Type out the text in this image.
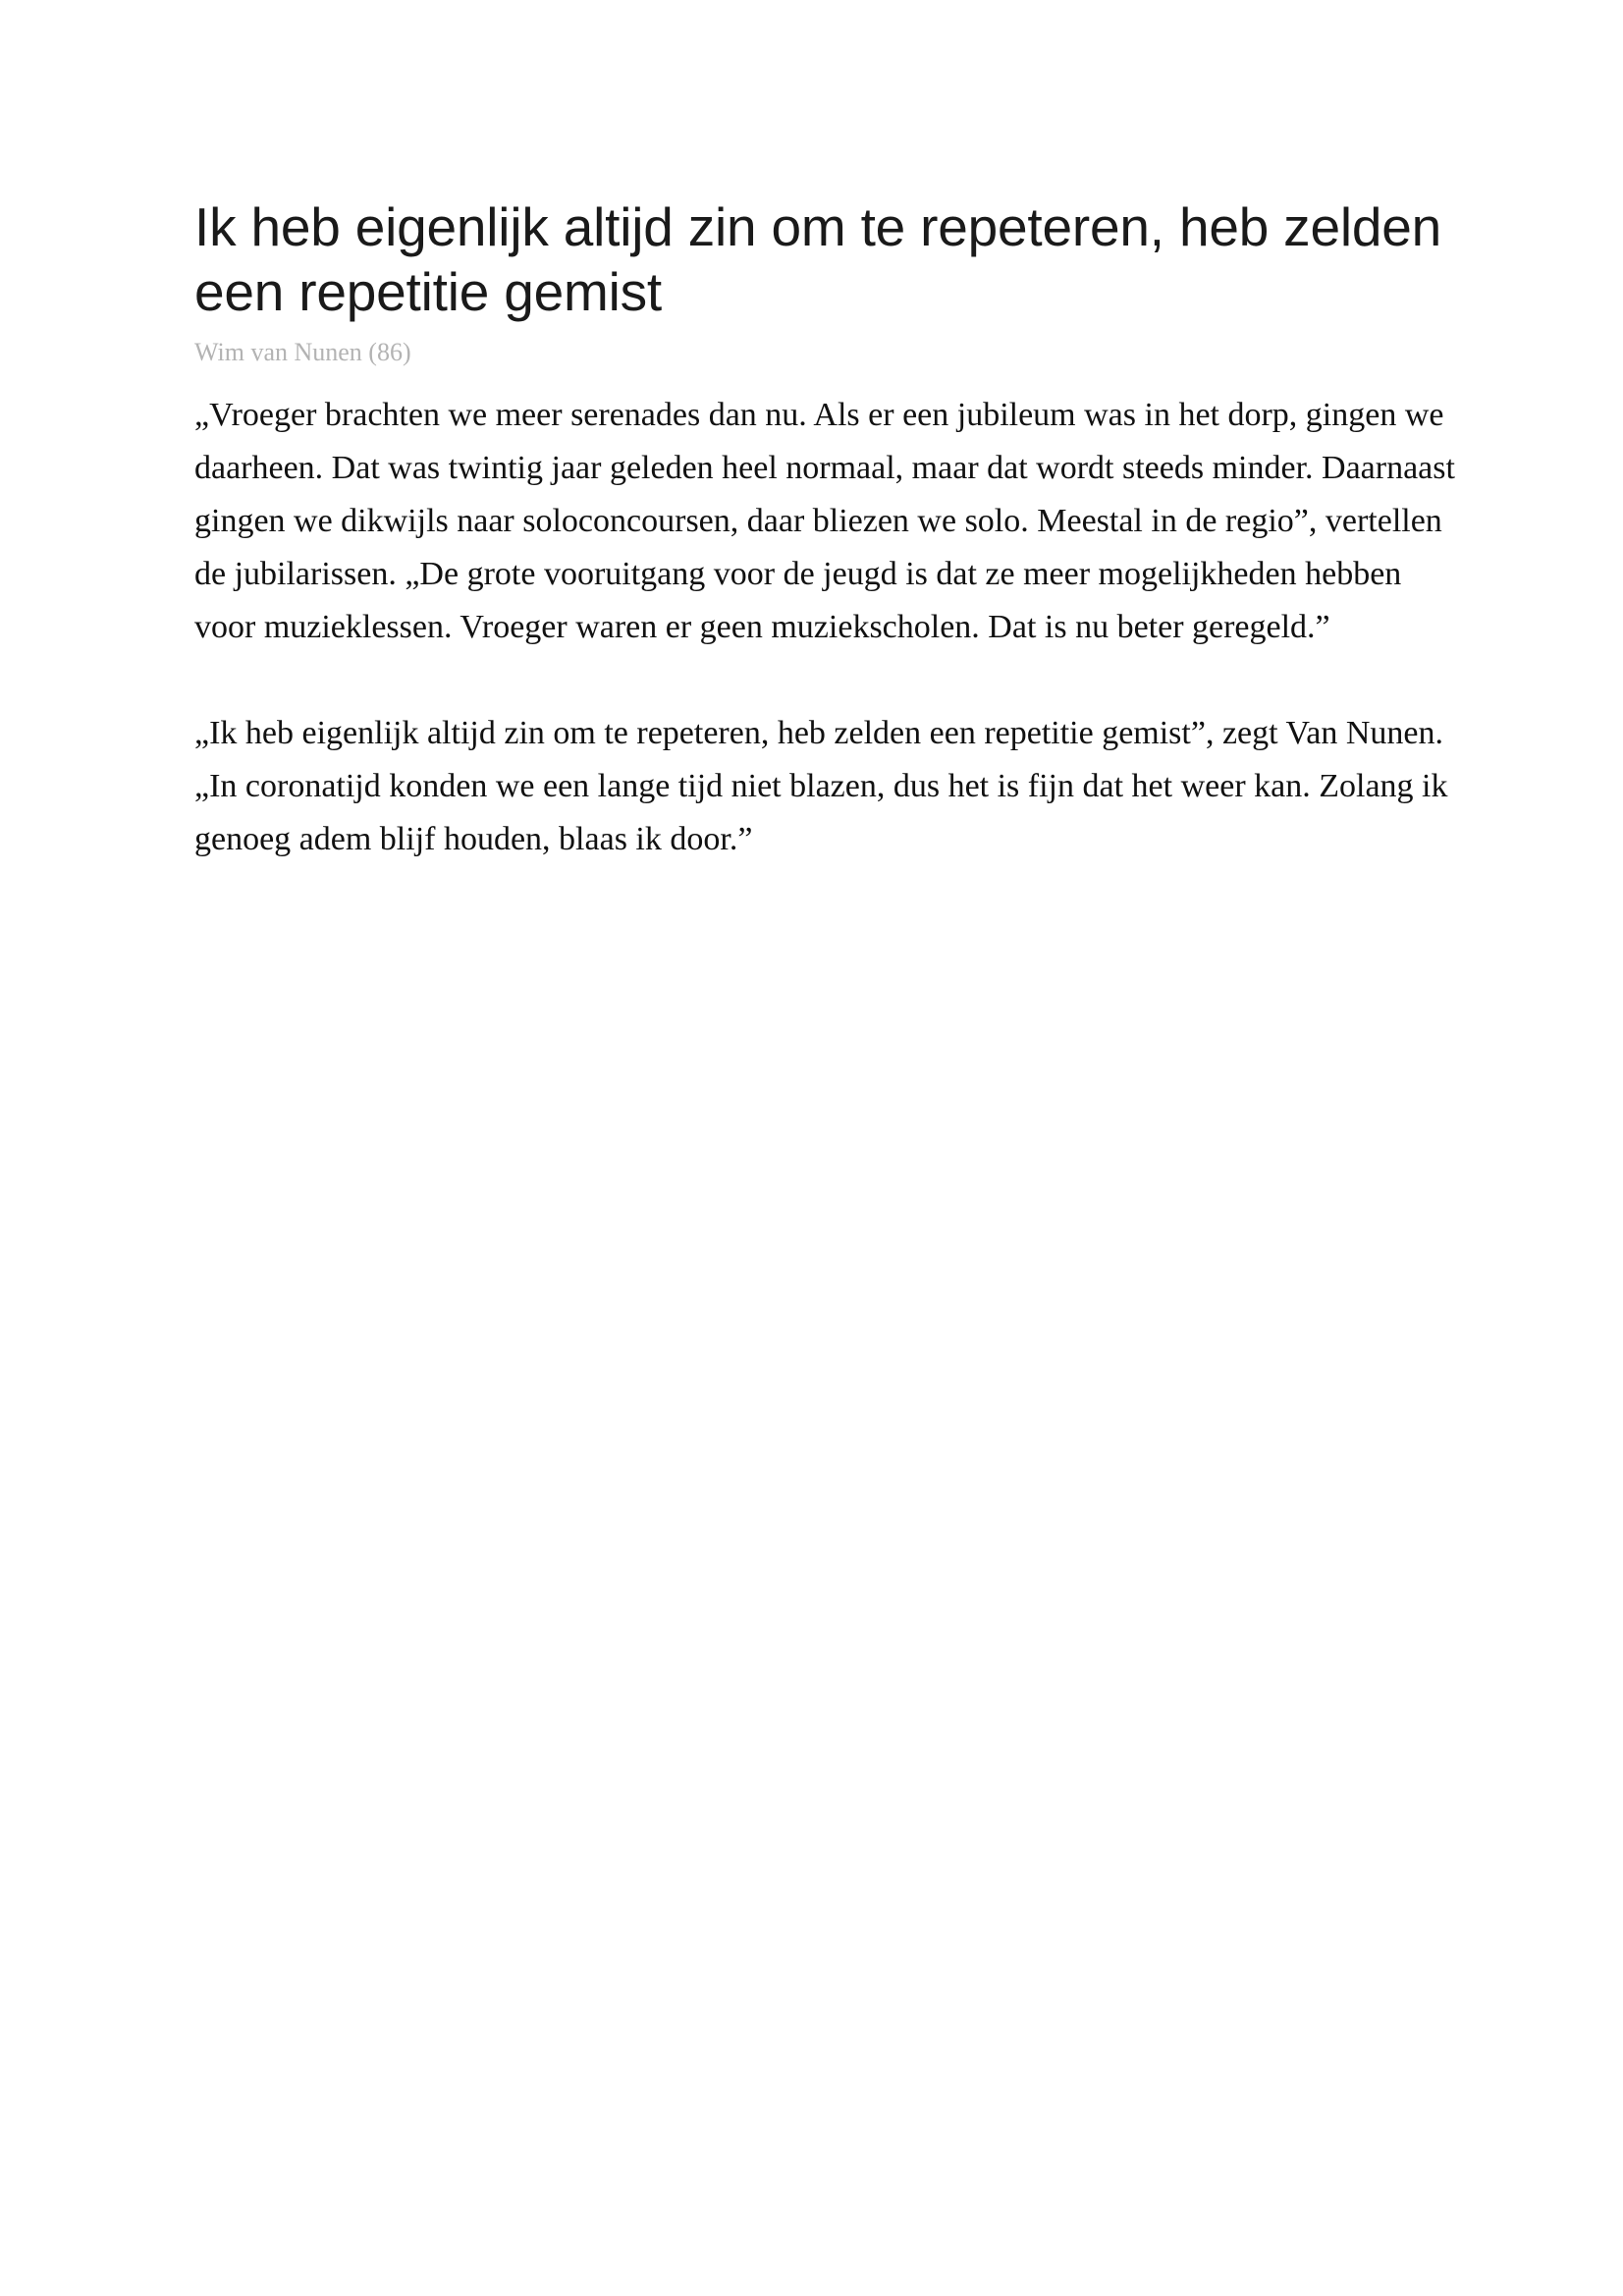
Ik heb eigenlijk altijd zin om te repeteren, heb zelden een repetitie gemist

Wim van Nunen (86)

„Vroeger brachten we meer serenades dan nu. Als er een jubileum was in het dorp, gingen we daarheen. Dat was twintig jaar geleden heel normaal, maar dat wordt steeds minder. Daarnaast gingen we dikwijls naar soloconcoursen, daar bliezen we solo. Meestal in de regio”, vertellen de jubilarissen. „De grote vooruitgang voor de jeugd is dat ze meer mogelijkheden hebben voor muzieklessen. Vroeger waren er geen muziekscholen. Dat is nu beter geregeld.”

„Ik heb eigenlijk altijd zin om te repeteren, heb zelden een repetitie gemist”, zegt Van Nunen. „In coronatijd konden we een lange tijd niet blazen, dus het is fijn dat het weer kan. Zolang ik genoeg adem blijf houden, blaas ik door.”
